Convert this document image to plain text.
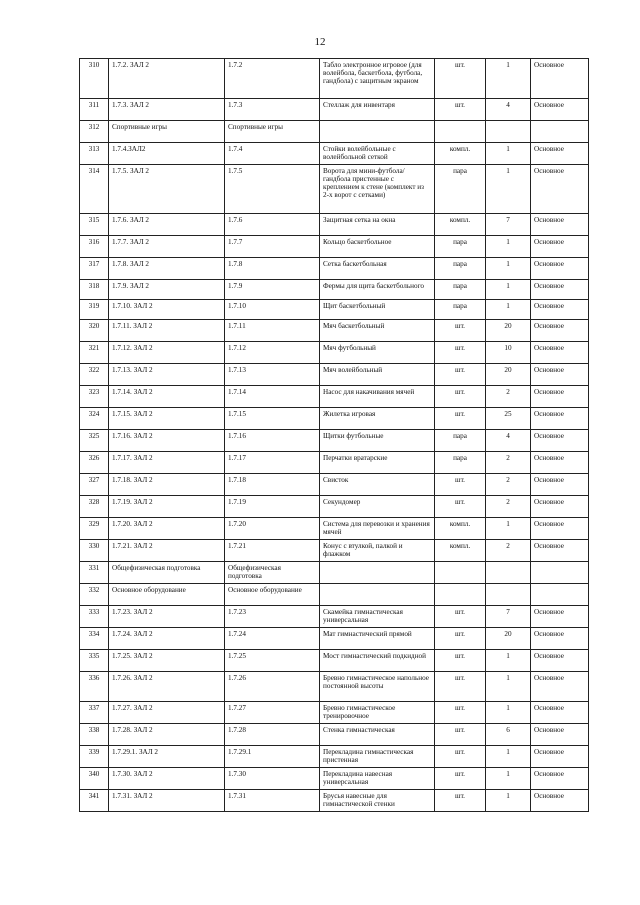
12
310	1.7.2. ЗАЛ 2	1.7.2	Табло электронное игровое (для волейбола, баскетбола, футбола, гандбола) с защитным экраном	шт.	1	Основное
311	1.7.3. ЗАЛ 2	1.7.3	Стеллаж для инвентаря	шт.	4	Основное
312	Спортивные игры	Спортивные игры				
313	1.7.4.ЗАЛ2	1.7.4	Стойки волейбольные с волейбольной сеткой	компл.	1	Основное
314	1.7.5. ЗАЛ 2	1.7.5	Ворота для мини-футбола/гандбола пристенные с креплением к стене (комплект из 2-х ворот с сетками)	пара	1	Основное
315	1.7.6. ЗАЛ 2	1.7.6	Защитная сетка на окна	компл.	7	Основное
316	1.7.7. ЗАЛ 2	1.7.7	Кольцо баскетбольное	пара	1	Основное
317	1.7.8. ЗАЛ 2	1.7.8	Сетка баскетбольная	пара	1	Основное
318	1.7.9. ЗАЛ 2	1.7.9	Фермы для щита баскетбольного	пара	1	Основное
319	1.7.10. ЗАЛ 2	1.7.10	Щит баскетбольный	пара	1	Основное
320	1.7.11. ЗАЛ 2	1.7.11	Мяч баскетбольный	шт.	20	Основное
321	1.7.12. ЗАЛ 2	1.7.12	Мяч футбольный	шт.	10	Основное
322	1.7.13. ЗАЛ 2	1.7.13	Мяч волейбольный	шт.	20	Основное
323	1.7.14. ЗАЛ 2	1.7.14	Насос для накачивания мячей	шт.	2	Основное
324	1.7.15. ЗАЛ 2	1.7.15	Жилетка игровая	шт.	25	Основное
325	1.7.16. ЗАЛ 2	1.7.16	Щитки футбольные	пара	4	Основное
326	1.7.17. ЗАЛ 2	1.7.17	Перчатки вратарские	пара	2	Основное
327	1.7.18. ЗАЛ 2	1.7.18	Свисток	шт.	2	Основное
328	1.7.19. ЗАЛ 2	1.7.19	Секундомер	шт.	2	Основное
329	1.7.20. ЗАЛ 2	1.7.20	Система для перевозки и хранения мячей	компл.	1	Основное
330	1.7.21. ЗАЛ 2	1.7.21	Конус с втулкой, палкой и флажком	компл.	2	Основное
331	Общефизическая подготовка	Общефизическая подготовка				
332	Основное оборудование	Основное оборудование				
333	1.7.23. ЗАЛ 2	1.7.23	Скамейка гимнастическая универсальная	шт.	7	Основное
334	1.7.24. ЗАЛ 2	1.7.24	Мат гимнастический прямой	шт.	20	Основное
335	1.7.25. ЗАЛ 2	1.7.25	Мост гимнастический подкидной	шт.	1	Основное
336	1.7.26. ЗАЛ 2	1.7.26	Бревно гимнастическое напольное постоянной высоты	шт.	1	Основное
337	1.7.27. ЗАЛ 2	1.7.27	Бревно гимнастическое тренировочное	шт.	1	Основное
338	1.7.28. ЗАЛ 2	1.7.28	Стенка гимнастическая	шт.	6	Основное
339	1.7.29.1. ЗАЛ 2	1.7.29.1	Перекладина гимнастическая пристенная	шт.	1	Основное
340	1.7.30. ЗАЛ 2	1.7.30	Перекладина навесная универсальная	шт.	1	Основное
341	1.7.31. ЗАЛ 2	1.7.31	Брусья навесные для гимнастической стенки	шт.	1	Основное
